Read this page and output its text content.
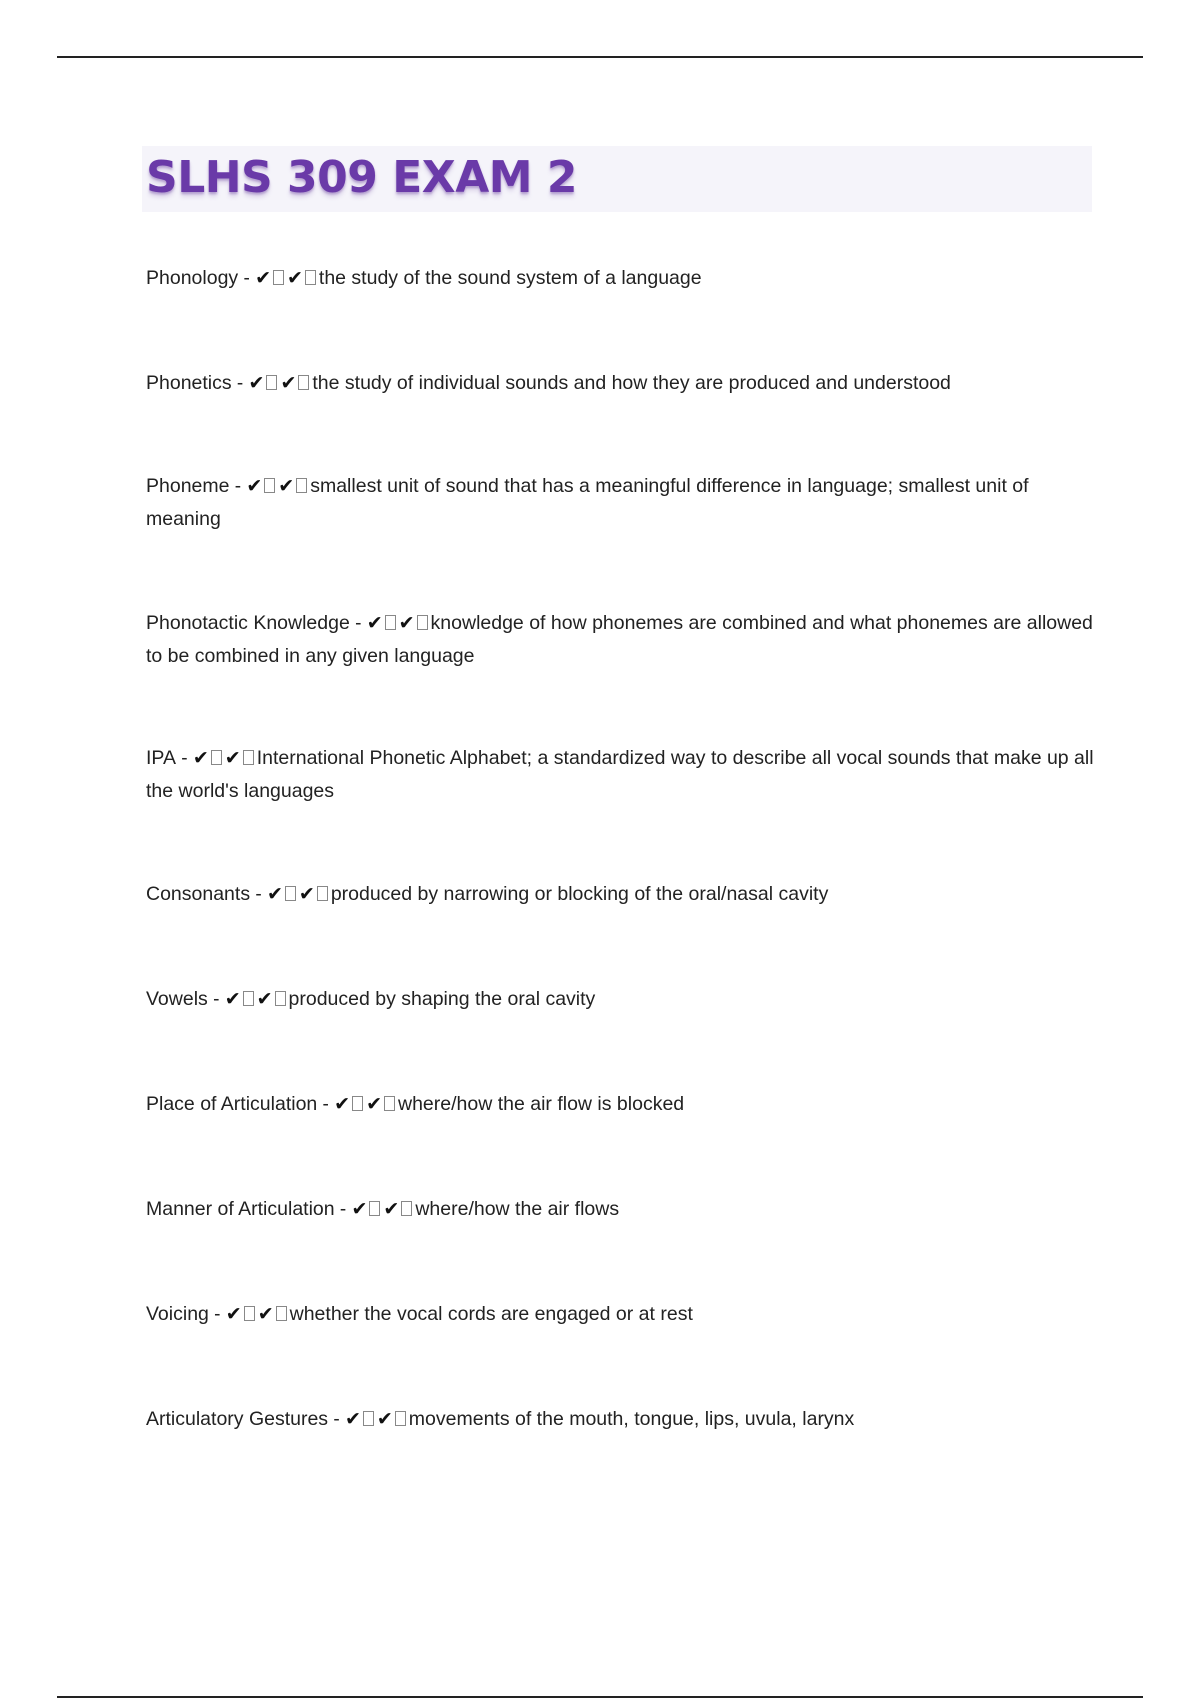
SLHS 309 EXAM 2

Phonology - ✔ ✔ the study of the sound system of a language

Phonetics - ✔ ✔ the study of individual sounds and how they are produced and understood

Phoneme - ✔ ✔ smallest unit of sound that has a meaningful difference in language; smallest unit of meaning

Phonotactic Knowledge - ✔ ✔ knowledge of how phonemes are combined and what phonemes are allowed to be combined in any given language

IPA - ✔ ✔ International Phonetic Alphabet; a standardized way to describe all vocal sounds that make up all the world's languages

Consonants - ✔ ✔ produced by narrowing or blocking of the oral/nasal cavity

Vowels - ✔ ✔ produced by shaping the oral cavity

Place of Articulation - ✔ ✔ where/how the air flow is blocked

Manner of Articulation - ✔ ✔ where/how the air flows

Voicing - ✔ ✔ whether the vocal cords are engaged or at rest

Articulatory Gestures - ✔ ✔ movements of the mouth, tongue, lips, uvula, larynx
